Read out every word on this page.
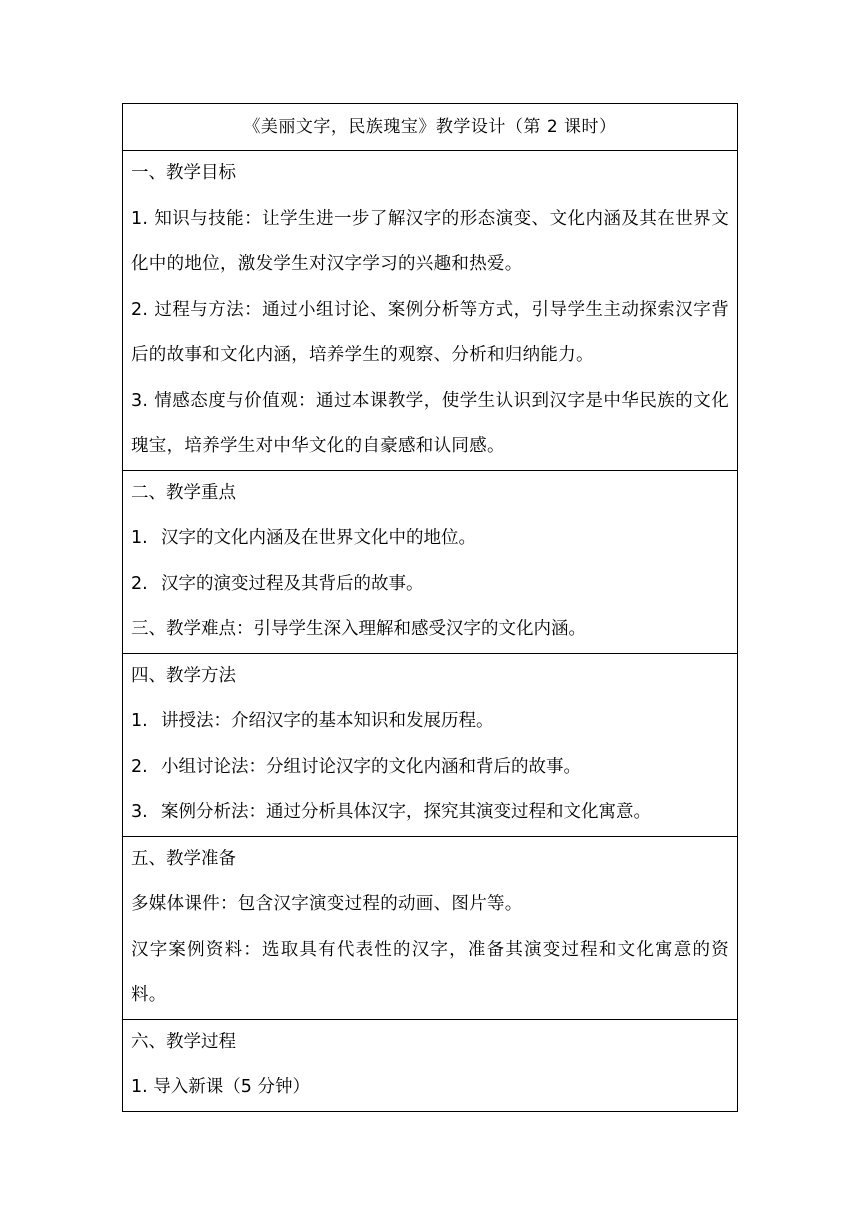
《美丽文字，民族瑰宝》教学设计（第 2 课时）

一、教学目标

1. 知识与技能：让学生进一步了解汉字的形态演变、文化内涵及其在世界文化中的地位，激发学生对汉字学习的兴趣和热爱。

2. 过程与方法：通过小组讨论、案例分析等方式，引导学生主动探索汉字背后的故事和文化内涵，培养学生的观察、分析和归纳能力。

3. 情感态度与价值观：通过本课教学，使学生认识到汉字是中华民族的文化瑰宝，培养学生对中华文化的自豪感和认同感。

二、教学重点

1. 汉字的文化内涵及在世界文化中的地位。

2. 汉字的演变过程及其背后的故事。

三、教学难点：引导学生深入理解和感受汉字的文化内涵。

四、教学方法

1. 讲授法：介绍汉字的基本知识和发展历程。

2. 小组讨论法：分组讨论汉字的文化内涵和背后的故事。

3. 案例分析法：通过分析具体汉字，探究其演变过程和文化寓意。

五、教学准备

多媒体课件：包含汉字演变过程的动画、图片等。

汉字案例资料：选取具有代表性的汉字，准备其演变过程和文化寓意的资料。

六、教学过程

1. 导入新课（5 分钟）
